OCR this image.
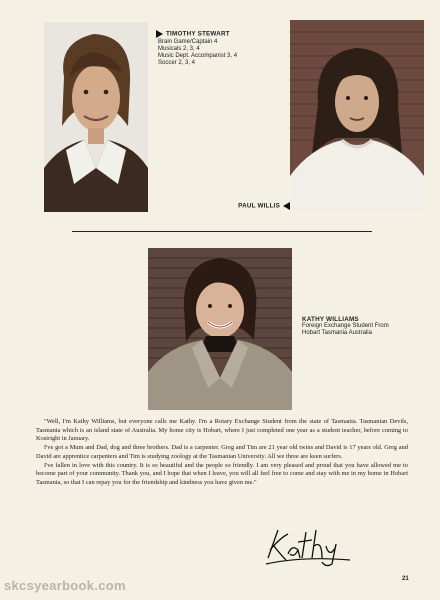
TIMOTHY STEWART
Brain Game/Captain 4
Musicals 2, 3, 4
Music Dept. Accompanist 3, 4
Soccer 2, 3, 4
PAUL WILLIS
KATHY WILLIAMS
Foreign Exchange Student From
Hobart Tasmania Australia

"Well, I'm Kathy Williams, but everyone calls me Kathy. I'm a Rotary Exchange Student from the state of Tasmania. Tasmanian Devils, Tasmania which is an island state of Australia. My home city is Hobart, where I just completed one year as a student teacher, before coming to Kostright in January.

I've got a Mum and Dad, dog and three brothers. Dad is a carpenter. Greg and Tim are 21 year old twins and David is 17 years old. Greg and David are apprentice carpenters and Tim is studying zoology at the Tasmanian University. All we three are keen surfers.

I've fallen in love with this country. It is so beautiful and the people so friendly. I am very pleased and proud that you have allowed me to become part of your community. Thank you, and I hope that when I leave, you will all feel free to come and stay with me in my home in Hobart Tasmania, so that I can repay you for the friendship and kindness you have given me."

21
skcsyearbook.com
